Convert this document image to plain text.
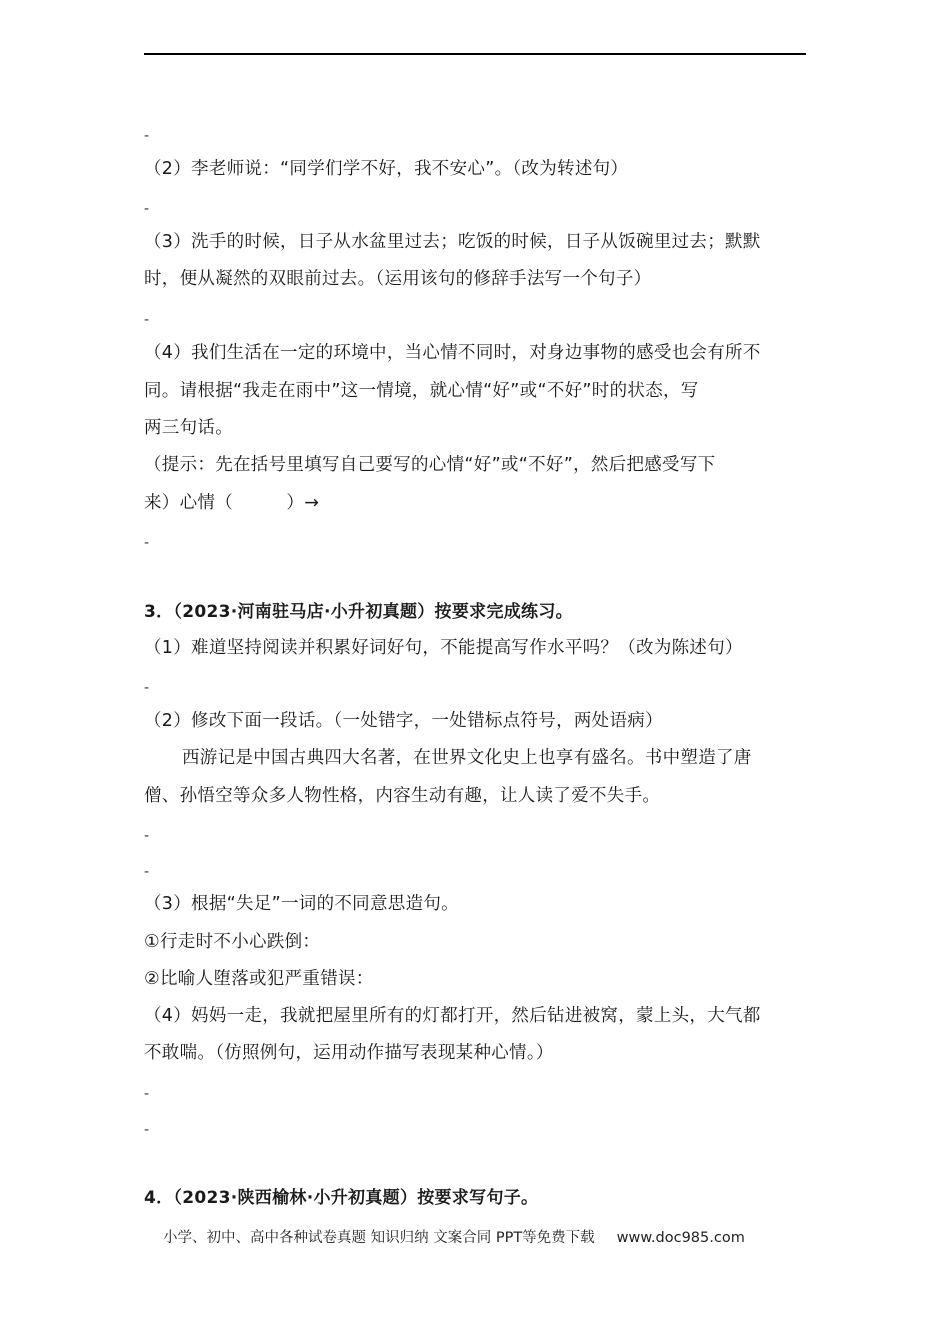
-
（2）李老师说：“同学们学不好，我不安心”。（改为转述句）
-
（3）洗手的时候，日子从水盆里过去；吃饭的时候，日子从饭碗里过去；默默
时，便从凝然的双眼前过去。（运用该句的修辞手法写一个句子）
-
（4）我们生活在一定的环境中，当心情不同时，对身边事物的感受也会有所不
同。请根据“我走在雨中”这一情境，就心情“好”或“不好”时的状态，写
两三句话。
（提示：先在括号里填写自己要写的心情“好”或“不好”，然后把感受写下
来）心情（　　　）→
-
3．（2023·河南驻马店·小升初真题）按要求完成练习。
（1）难道坚持阅读并积累好词好句，不能提高写作水平吗？（改为陈述句）
-
（2）修改下面一段话。（一处错字，一处错标点符号，两处语病）
西游记是中国古典四大名著，在世界文化史上也享有盛名。书中塑造了唐
僧、孙悟空等众多人物性格，内容生动有趣，让人读了爱不失手。
-
-
（3）根据“失足”一词的不同意思造句。
①行走时不小心跌倒：
②比喻人堕落或犯严重错误：
（4）妈妈一走，我就把屋里所有的灯都打开，然后钻进被窝，蒙上头，大气都
不敢喘。（仿照例句，运用动作描写表现某种心情。）
-
-
4．（2023·陕西榆林·小升初真题）按要求写句子。
小学、初中、高中各种试卷真题 知识归纳 文案合同 PPT等免费下载 www.doc985.com
